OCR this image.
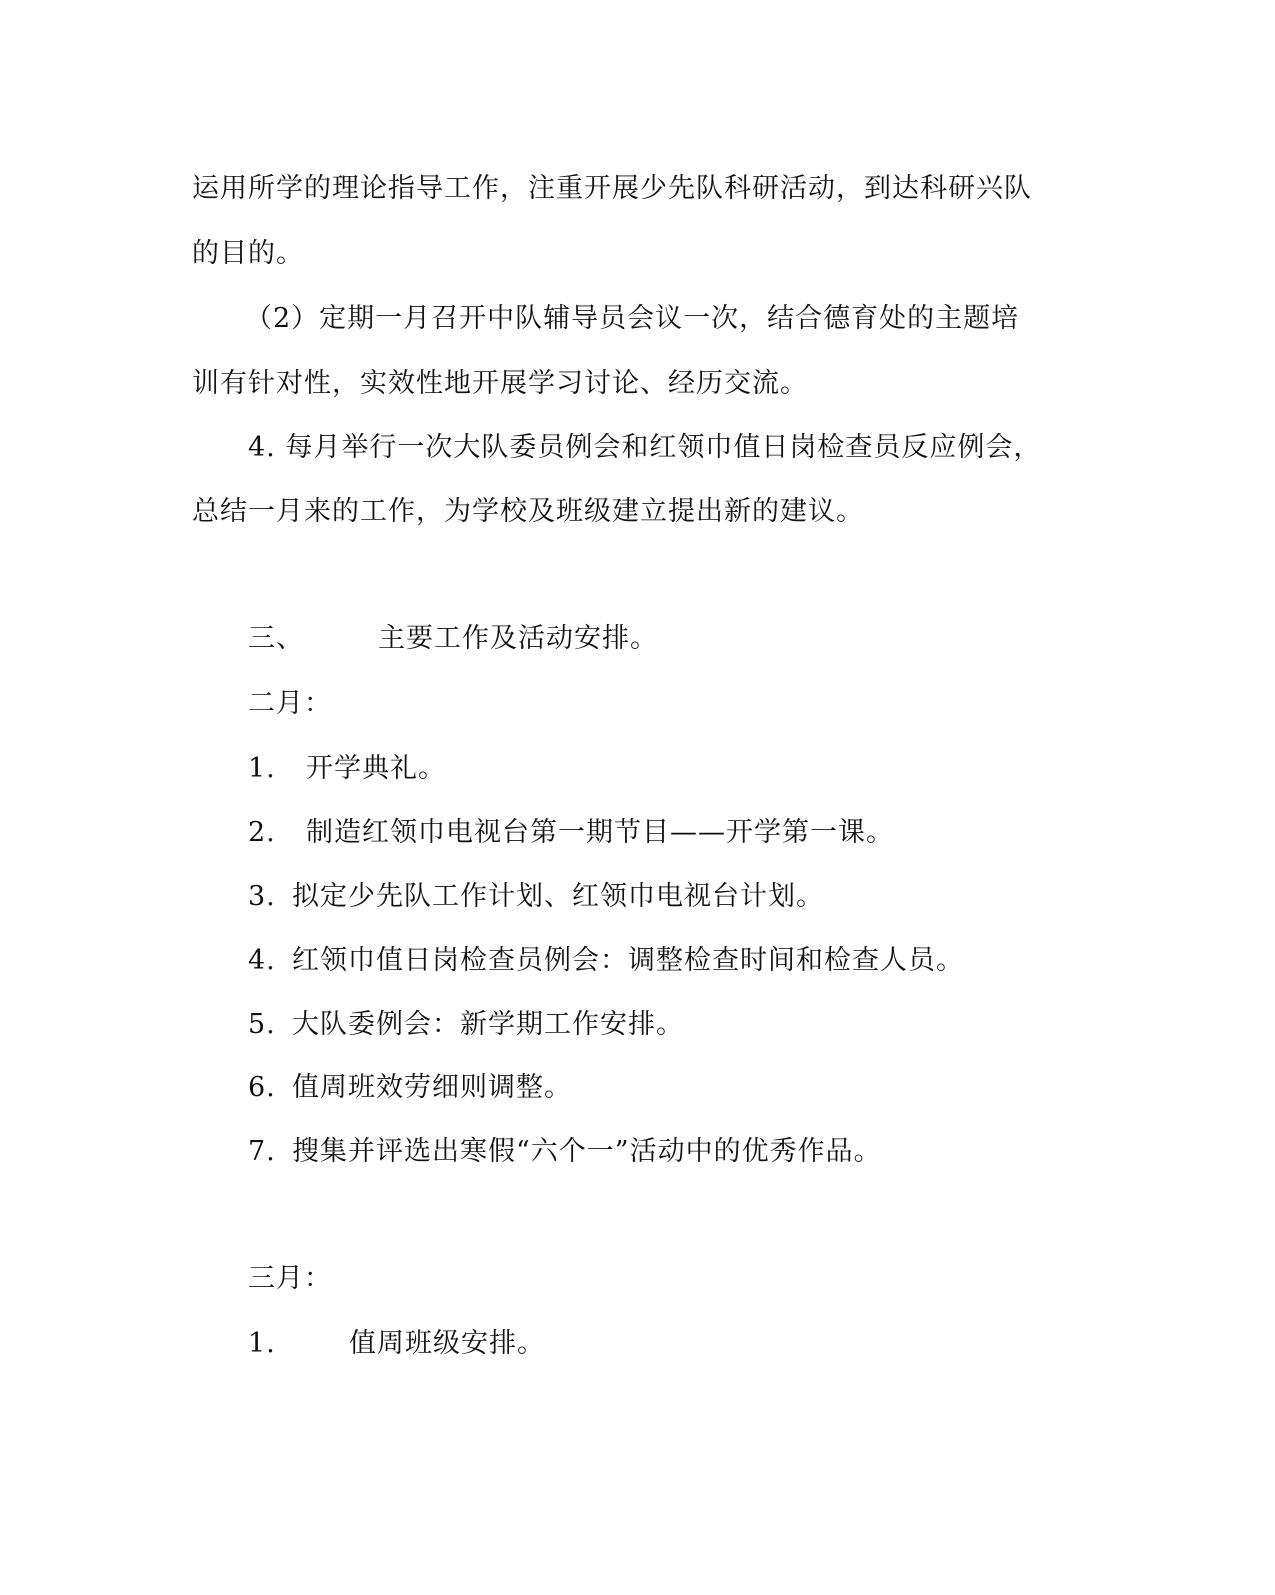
运用所学的理论指导工作，注重开展少先队科研活动，到达科研兴队
的目的。
（2）定期一月召开中队辅导员会议一次，结合德育处的主题培
训有针对性，实效性地开展学习讨论、经历交流。
4. 每月举行一次大队委员例会和红领巾值日岗检查员反应例会，
总结一月来的工作，为学校及班级建立提出新的建议。
三、	主要工作及活动安排。
二月：
1. 开学典礼。
2. 制造红领巾电视台第一期节目——开学第一课。
3. 拟定少先队工作计划、红领巾电视台计划。
4. 红领巾值日岗检查员例会：调整检查时间和检查人员。
5. 大队委例会：新学期工作安排。
6. 值周班效劳细则调整。
7. 搜集并评选出寒假“六个一”活动中的优秀作品。
三月：
1.	值周班级安排。
